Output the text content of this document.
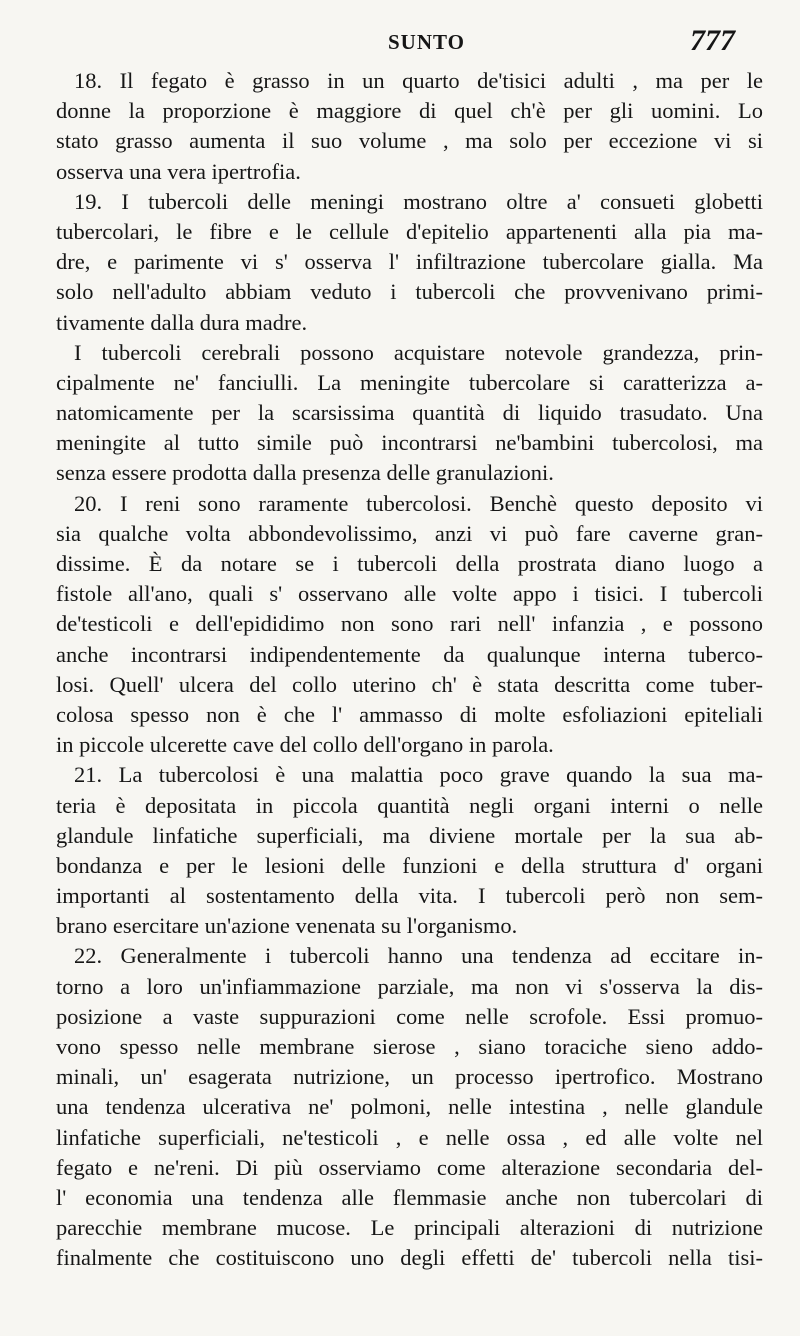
SUNTO	777
18. Il fegato è grasso in un quarto de'tisici adulti , ma per le
donne la proporzione è maggiore di quel ch'è per gli uomini. Lo
stato grasso aumenta il suo volume , ma solo per eccezione vi si
osserva una vera ipertrofia.
19. I tubercoli delle meningi mostrano oltre a' consueti globetti
tubercolari, le fibre e le cellule d'epitelio appartenenti alla pia ma-
dre, e parimente vi s' osserva l' infiltrazione tubercolare gialla. Ma
solo nell'adulto abbiam veduto i tubercoli che provvenivano primi-
tivamente dalla dura madre.
I tubercoli cerebrali possono acquistare notevole grandezza, prin-
cipalmente ne' fanciulli. La meningite tubercolare si caratterizza a-
natomicamente per la scarsissima quantità di liquido trasudato. Una
meningite al tutto simile può incontrarsi ne'bambini tubercolosi, ma
senza essere prodotta dalla presenza delle granulazioni.
20. I reni sono raramente tubercolosi. Benchè questo deposito vi
sia qualche volta abbondevolissimo, anzi vi può fare caverne gran-
dissime. È da notare se i tubercoli della prostrata diano luogo a
fistole all'ano, quali s' osservano alle volte appo i tisici. I tubercoli
de'testicoli e dell'epididimo non sono rari nell' infanzia , e possono
anche incontrarsi indipendentemente da qualunque interna tuberco-
losi. Quell' ulcera del collo uterino ch' è stata descritta come tuber-
colosa spesso non è che l' ammasso di molte esfoliazioni epiteliali
in piccole ulcerette cave del collo dell'organo in parola.
21. La tubercolosi è una malattia poco grave quando la sua ma-
teria è depositata in piccola quantità negli organi interni o nelle
glandule linfatiche superficiali, ma diviene mortale per la sua ab-
bondanza e per le lesioni delle funzioni e della struttura d' organi
importanti al sostentamento della vita. I tubercoli però non sem-
brano esercitare un'azione venenata su l'organismo.
22. Generalmente i tubercoli hanno una tendenza ad eccitare in-
torno a loro un'infiammazione parziale, ma non vi s'osserva la dis-
posizione a vaste suppurazioni come nelle scrofole. Essi promuo-
vono spesso nelle membrane sierose , siano toraciche sieno addo-
minali, un' esagerata nutrizione, un processo ipertrofico. Mostrano
una tendenza ulcerativa ne' polmoni, nelle intestina , nelle glandule
linfatiche superficiali, ne'testicoli , e nelle ossa , ed alle volte nel
fegato e ne'reni. Di più osserviamo come alterazione secondaria del-
l' economia una tendenza alle flemmasie anche non tubercolari di
parecchie membrane mucose. Le principali alterazioni di nutrizione
finalmente che costituiscono uno degli effetti de' tubercoli nella tisi-
